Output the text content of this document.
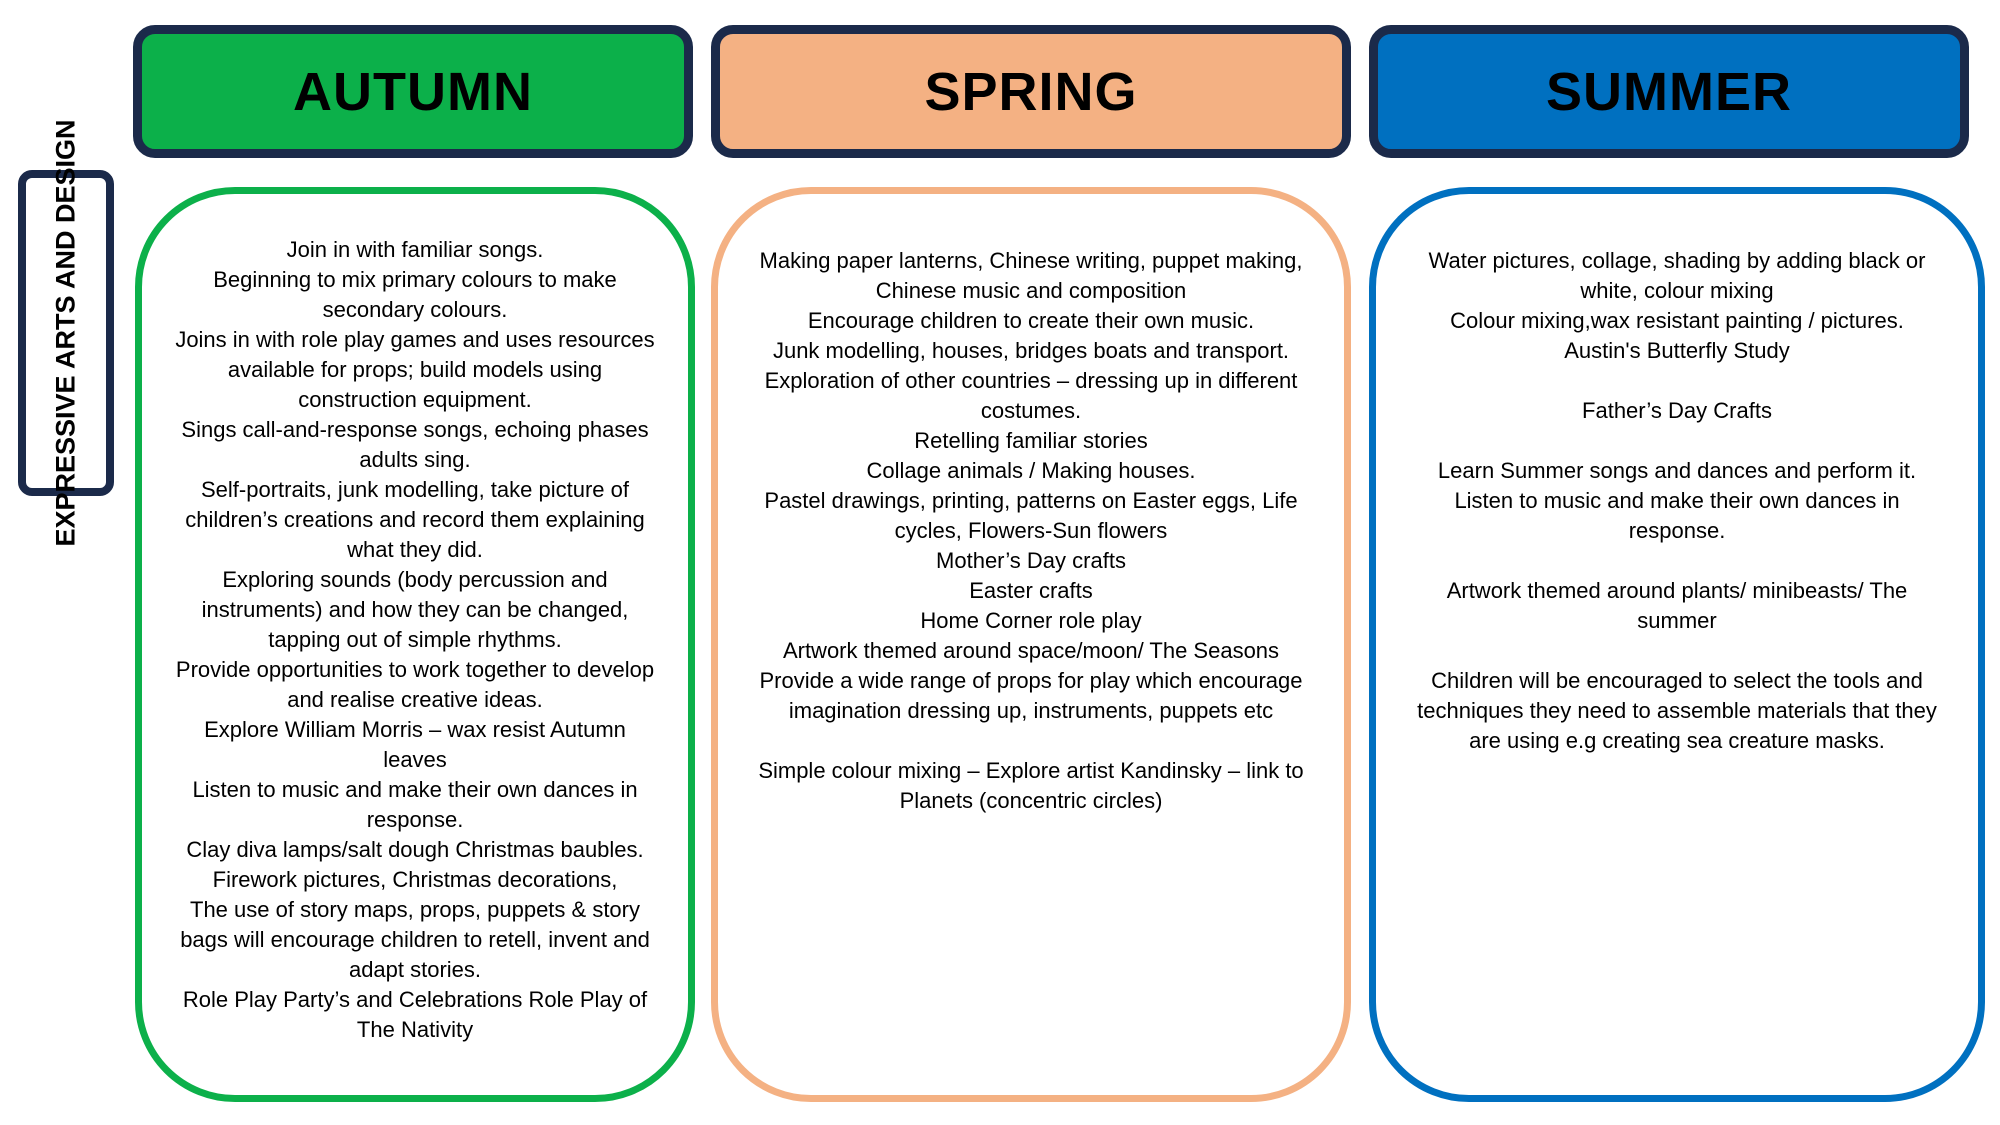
EXPRESSIVE ARTS AND DESIGN
AUTUMN	SPRING	SUMMER
Join in with familiar songs.
Beginning to mix primary colours to make secondary colours.
Joins in with role play games and uses resources available for props; build models using construction equipment.
Sings call-and-response songs, echoing phases adults sing.
Self-portraits, junk modelling, take picture of children’s creations and record them explaining what they did.
Exploring sounds (body percussion and instruments) and how they can be changed, tapping out of simple rhythms.
Provide opportunities to work together to develop and realise creative ideas.
Explore William Morris – wax resist Autumn leaves
Listen to music and make their own dances in response.
Clay diva lamps/salt dough Christmas baubles.
Firework pictures, Christmas decorations,
The use of story maps, props, puppets & story bags will encourage children to retell, invent and adapt stories.
Role Play Party’s and Celebrations Role Play of The Nativity
Making paper lanterns, Chinese writing, puppet making, Chinese music and composition
Encourage children to create their own music.
Junk modelling, houses, bridges boats and transport.
Exploration of other countries – dressing up in different costumes.
Retelling familiar stories
Collage animals / Making houses.
Pastel drawings, printing, patterns on Easter eggs, Life cycles, Flowers-Sun flowers
Mother’s Day crafts
Easter crafts
Home Corner role play
Artwork themed around space/moon/ The Seasons
Provide a wide range of props for play which encourage imagination dressing up, instruments, puppets etc

Simple colour mixing – Explore artist Kandinsky – link to Planets (concentric circles)
Water pictures, collage, shading by adding black or white, colour mixing
Colour mixing,wax resistant painting / pictures.
Austin's Butterfly Study

Father’s Day Crafts

Learn Summer songs and dances and perform it.
Listen to music and make their own dances in response.

Artwork themed around plants/ minibeasts/ The summer

Children will be encouraged to select the tools and techniques they need to assemble materials that they are using e.g creating sea creature masks.
